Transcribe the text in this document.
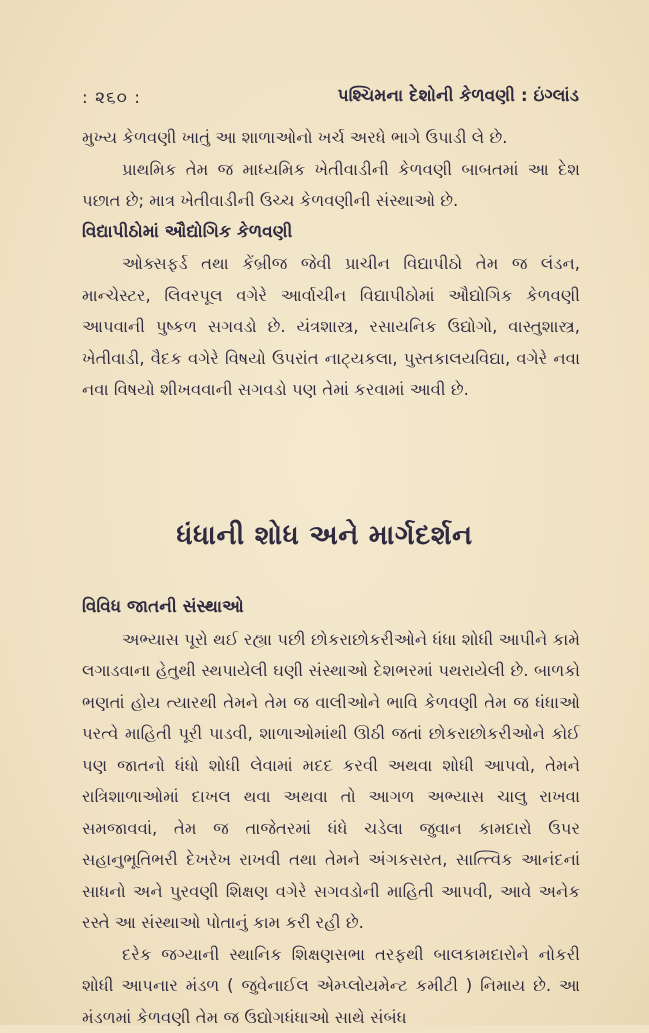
: ૨૬૦ :	પશ્ચિમના દેશોની કેળવણી : ઇંગ્લાંડ

મુખ્ય કેળવણી ખાતું આ શાળાઓનો ખર્ચ અરધે ભાગે ઉપાડી લે છે.

પ્રાથમિક તેમ જ માધ્યમિક ખેતીવાડીની કેળવણી બાબતમાં આ દેશ પછાત છે; માત્ર ખેતીવાડીની ઉચ્ચ કેળવણીની સંસ્થાઓ છે.

વિદ્યાપીઠોમાં ઔદ્યોગિક કેળવણી

ઓક્સફર્ડ તથા કેંબ્રીજ જેવી પ્રાચીન વિદ્યાપીઠો તેમ જ લંડન, માન્ચેસ્ટર, લિવરપૂલ વગેરે આર્વાચીન વિદ્યાપીઠોમાં ઔદ્યોગિક કેળવણી આપવાની પુષ્કળ સગવડો છે. યંત્રશાસ્ત્ર, રસાયનિક ઉદ્યોગો, વાસ્તુશાસ્ત્ર, ખેતીવાડી, વૈદક વગેરે વિષયો ઉપરાંત નાટ્યકલા, પુસ્તકાલયવિદ્યા, વગેરે નવા નવા વિષયો શીખવવાની સગવડો પણ તેમાં કરવામાં આવી છે.

ધંધાની શોધ અને માર્ગદર્શન

વિવિધ જાતની સંસ્થાઓ

અભ્યાસ પૂરો થઈ રહ્યા પછી છોકરાછોકરીઓને ધંધા શોધી આપીને કામે લગાડવાના હેતુથી સ્થપાયેલી ઘણી સંસ્થાઓ દેશભરમાં પથરાયેલી છે. બાળકો ભણતાં હોય ત્યારથી તેમને તેમ જ વાલીઓને ભાવિ કેળવણી તેમ જ ધંધાઓ પરત્વે માહિતી પૂરી પાડવી, શાળાઓમાંથી ઊઠી જતાં છોકરાછોકરીઓને કોઈ પણ જાતનો ધંધો શોધી લેવામાં મદદ કરવી અથવા શોધી આપવો, તેમને રાત્રિશાળાઓમાં દાખલ થવા અથવા તો આગળ અભ્યાસ ચાલુ રાખવા સમજાવવાં, તેમ જ તાજેતરમાં ધંધે ચડેલા જુવાન કામદારો ઉપર સહાનુભૂતિભરી દેખરેખ રાખવી તથા તેમને અંગકસરત, સાત્ત્વિક આનંદનાં સાધનો અને પુરવણી શિક્ષણ વગેરે સગવડોની માહિતી આપવી, આવે અનેક રસ્તે આ સંસ્થાઓ પોતાનું કામ કરી રહી છે.

દરેક જગ્યાની સ્થાનિક શિક્ષણસભા તરફથી બાલકામદારોને નોકરી શોધી આપનાર મંડળ ( જુવેનાઈલ એમ્પ્લોયમેન્ટ કમીટી ) નિમાય છે. આ મંડળમાં કેળવણી તેમ જ ઉદ્યોગધંધાઓ સાથે સંબંધ
